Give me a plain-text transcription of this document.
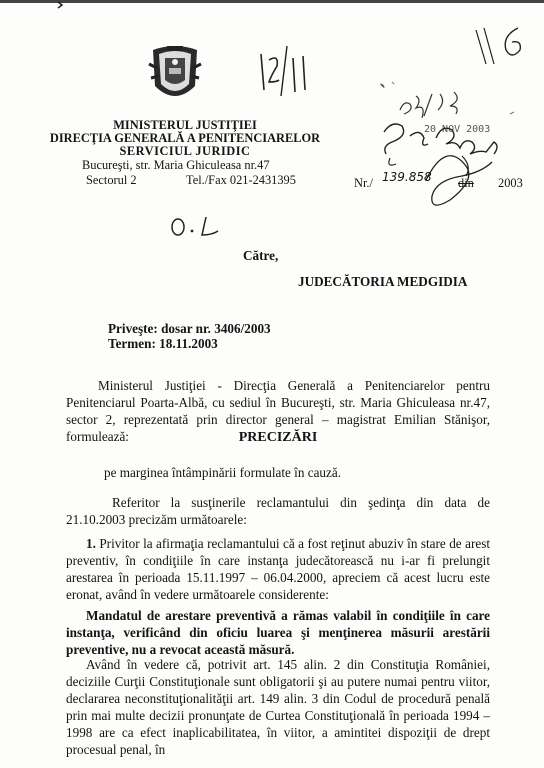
MINISTERUL JUSTIŢIEI
DIRECŢIA GENERALĂ A PENITENCIARELOR
SERVICIUL JURIDIC
Bucureşti, str. Maria Ghiculeasa nr.47
Sectorul 2	Tel./Fax 021-2431395	Nr./ 139.858 din 2003
20 NOV 2003
Către,
JUDECĂTORIA MEDGIDIA
Priveşte: dosar nr. 3406/2003
Termen: 18.11.2003
Ministerul Justiţiei - Direcţia Generală a Penitenciarelor pentru Penitenciarul Poarta-Albă, cu sediul în Bucureşti, str. Maria Ghiculeasa nr.47, sector 2, reprezentată prin director general – magistrat Emilian Stănişor, formulează:	PRECIZĂRI
pe marginea întâmpinării formulate în cauză.
Referitor la susţinerile reclamantului din şedinţa din data de 21.10.2003 precizăm următoarele:
1. Privitor la afirmaţia reclamantului că a fost reţinut abuziv în stare de arest preventiv, în condiţiile în care instanţa judecătorească nu i-ar fi prelungit arestarea în perioada 15.11.1997 – 06.04.2000, apreciem că acest lucru este eronat, având în vedere următoarele considerente:
Mandatul de arestare preventivă a rămas valabil în condiţiile în care instanţa, verificând din oficiu luarea şi menţinerea măsurii arestării preventive, nu a revocat această măsură.
Având în vedere că, potrivit art. 145 alin. 2 din Constituţia României, deciziile Curţii Constituţionale sunt obligatorii şi au putere numai pentru viitor, declararea neconstituţionalităţii art. 149 alin. 3 din Codul de procedură penală prin mai multe decizii pronunţate de Curtea Constituţională în perioada 1994 – 1998 are ca efect inaplicabilitatea, în viitor, a amintitei dispoziţii de drept procesual penal, în
